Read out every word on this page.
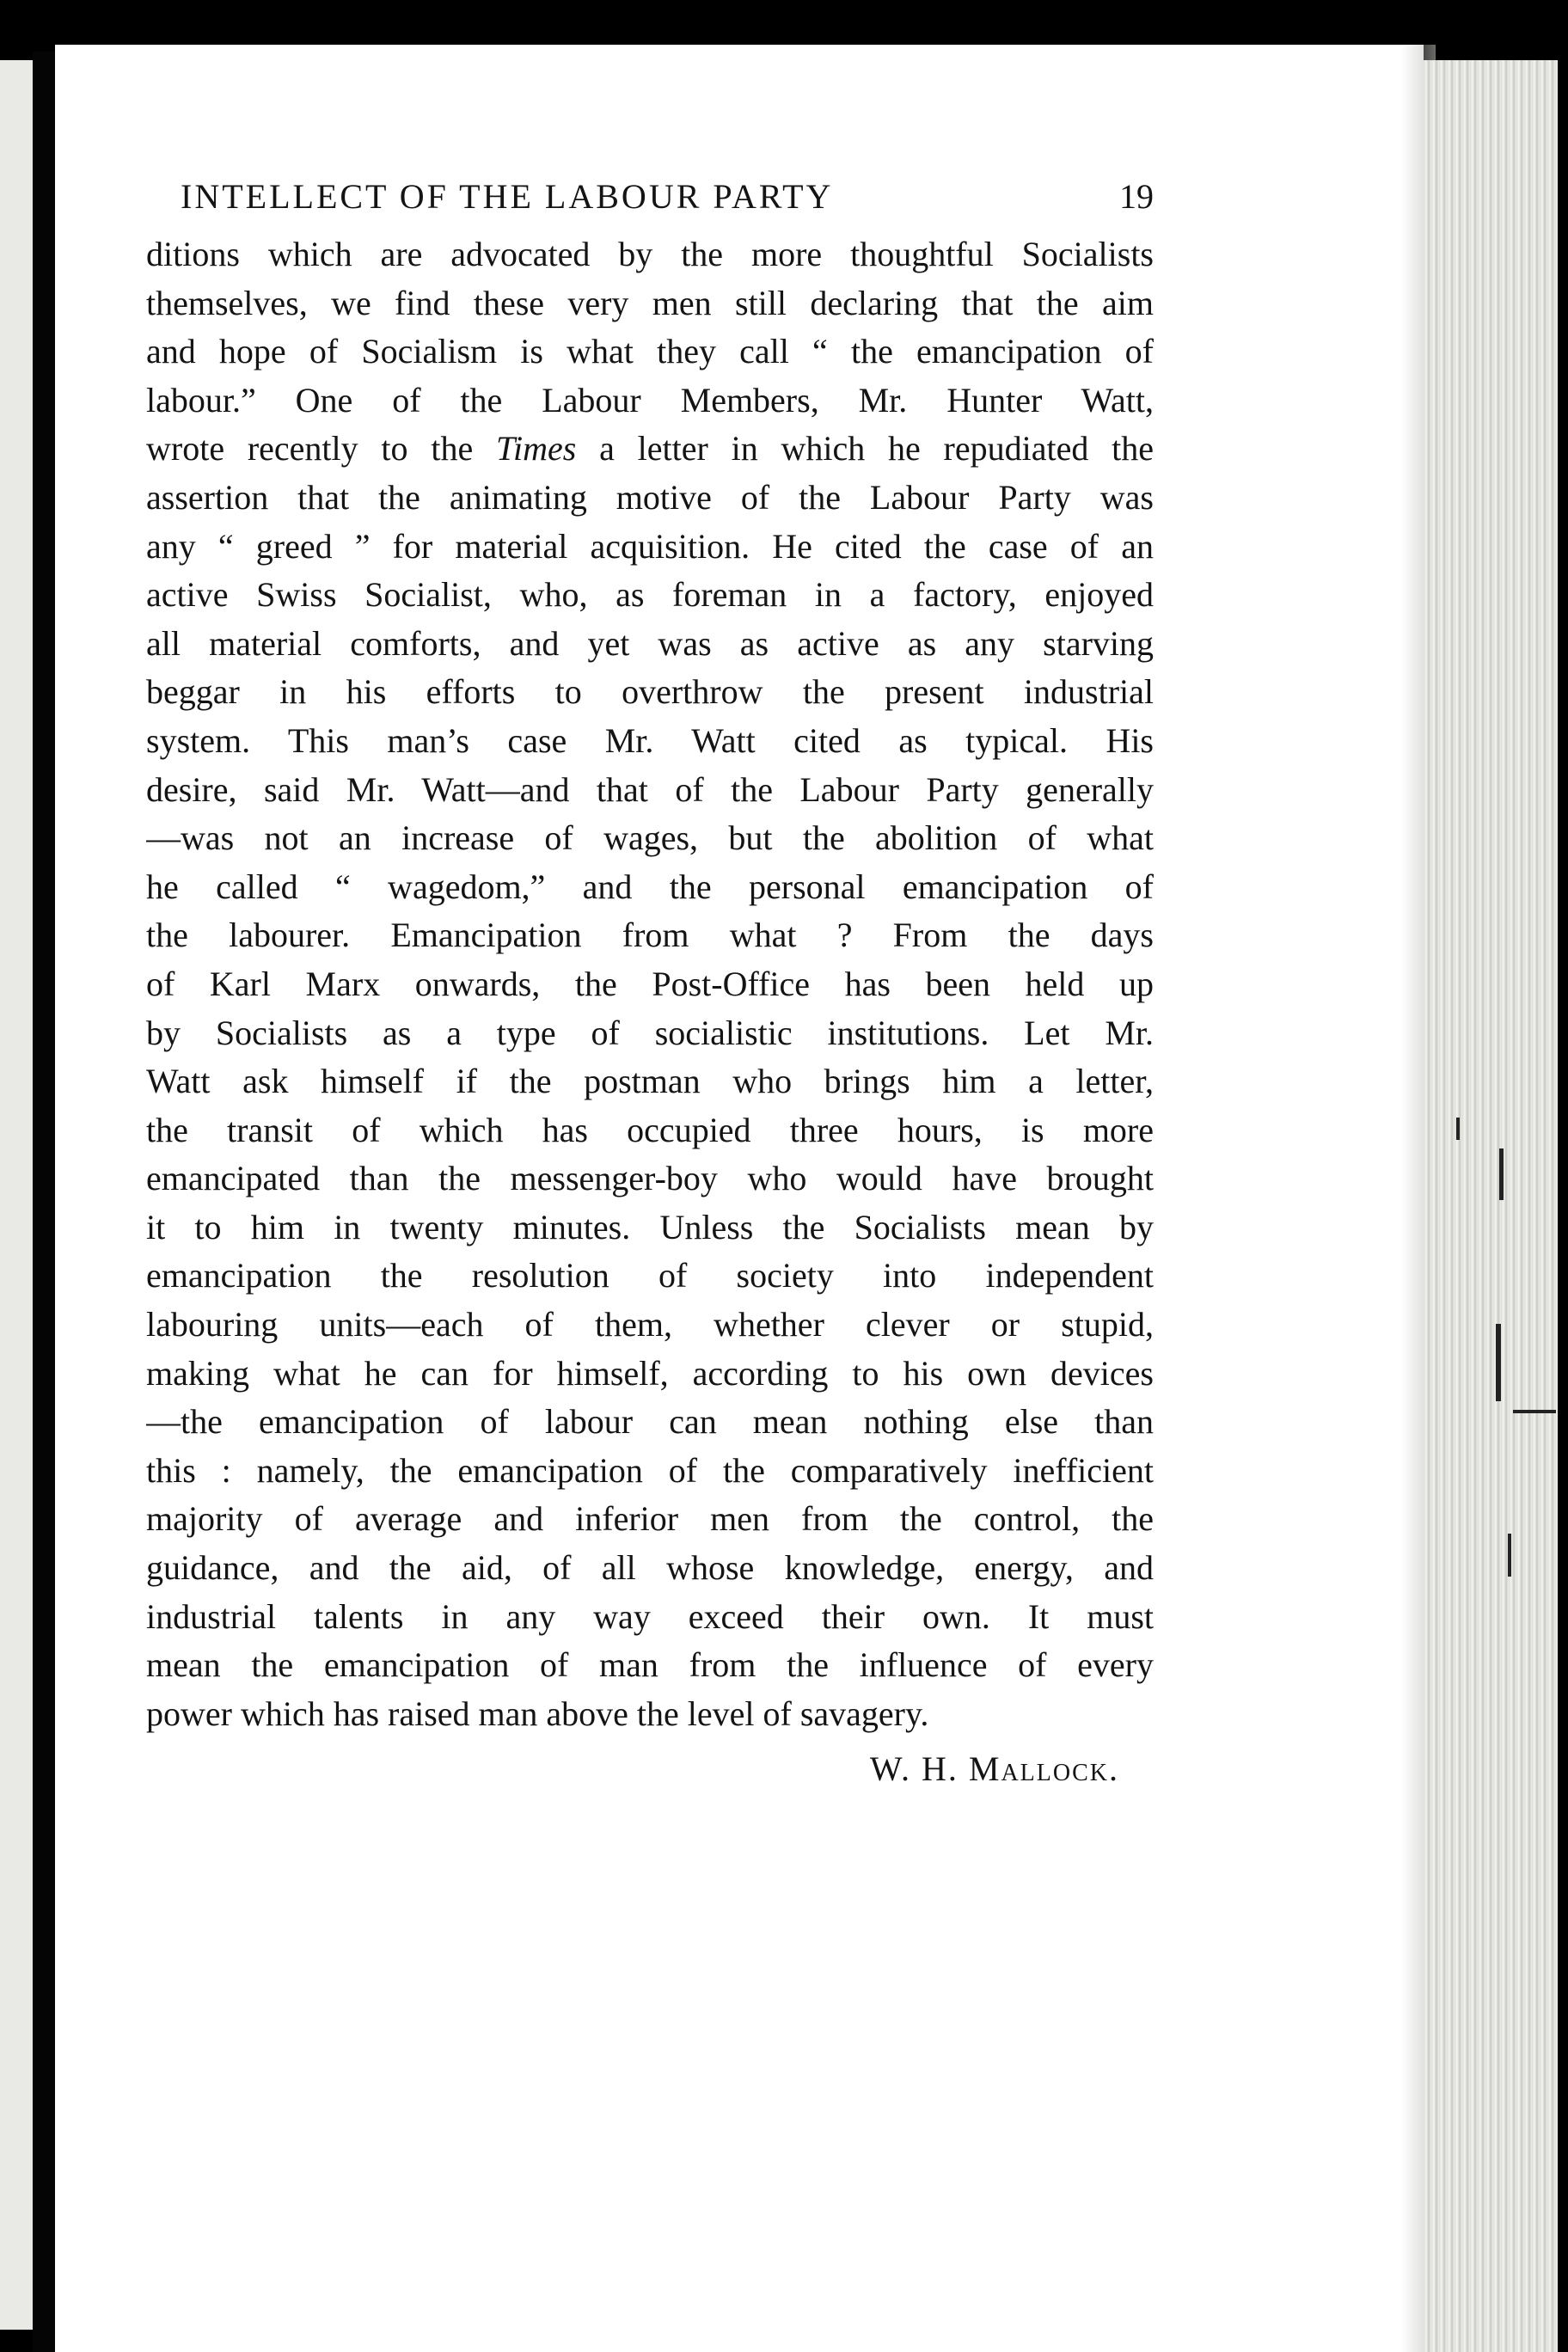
INTELLECT OF THE LABOUR PARTY	19
ditions which are advocated by the more thoughtful Socialists
themselves, we find these very men still declaring that the aim
and hope of Socialism is what they call “ the emancipation of
labour.” One of the Labour Members, Mr. Hunter Watt,
wrote recently to the Times a letter in which he repudiated the
assertion that the animating motive of the Labour Party was
any “ greed ” for material acquisition. He cited the case of an
active Swiss Socialist, who, as foreman in a factory, enjoyed
all material comforts, and yet was as active as any starving
beggar in his efforts to overthrow the present industrial
system. This man’s case Mr. Watt cited as typical. His
desire, said Mr. Watt—and that of the Labour Party generally
—was not an increase of wages, but the abolition of what
he called “ wagedom,” and the personal emancipation of
the labourer. Emancipation from what ? From the days
of Karl Marx onwards, the Post-Office has been held up
by Socialists as a type of socialistic institutions. Let Mr.
Watt ask himself if the postman who brings him a letter,
the transit of which has occupied three hours, is more
emancipated than the messenger-boy who would have brought
it to him in twenty minutes. Unless the Socialists mean by
emancipation the resolution of society into independent
labouring units—each of them, whether clever or stupid,
making what he can for himself, according to his own devices
—the emancipation of labour can mean nothing else than
this : namely, the emancipation of the comparatively inefficient
majority of average and inferior men from the control, the
guidance, and the aid, of all whose knowledge, energy, and
industrial talents in any way exceed their own. It must
mean the emancipation of man from the influence of every
power which has raised man above the level of savagery.
W. H. Mallock.
